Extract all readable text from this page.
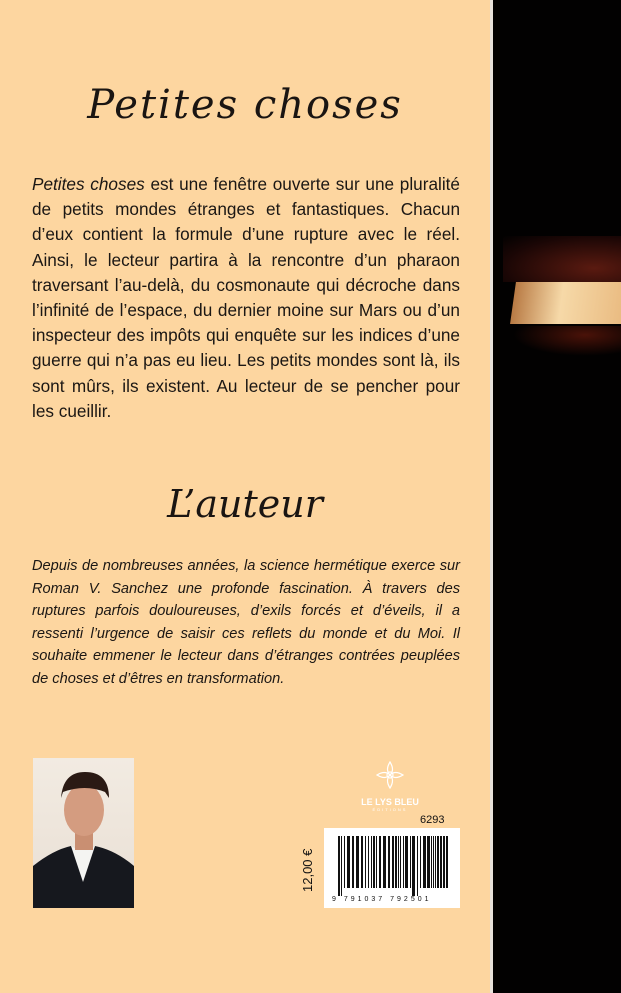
Petites choses
Petites choses est une fenêtre ouverte sur une pluralité de petits mondes étranges et fantastiques. Chacun d’eux contient la formule d’une rupture avec le réel. Ainsi, le lecteur partira à la rencontre d’un pharaon traversant l’au-delà, du cosmonaute qui décroche dans l’infinité de l’espace, du dernier moine sur Mars ou d’un inspecteur des impôts qui enquête sur les indices d’une guerre qui n’a pas eu lieu. Les petits mondes sont là, ils sont mûrs, ils existent. Au lecteur de se pencher pour les cueillir.
L’auteur
Depuis de nombreuses années, la science hermétique exerce sur Roman V. Sanchez une profonde fascination. À travers des ruptures parfois douloureuses, d’exils forcés et d’éveils, il a ressenti l’urgence de saisir ces reflets du monde et du Moi. Il souhaite emmener le lecteur dans d’étranges contrées peuplées de choses et d’êtres en transformation.
LE LYS BLEU
ÉDITIONS
6293
12,00 €
9 791037 792501
